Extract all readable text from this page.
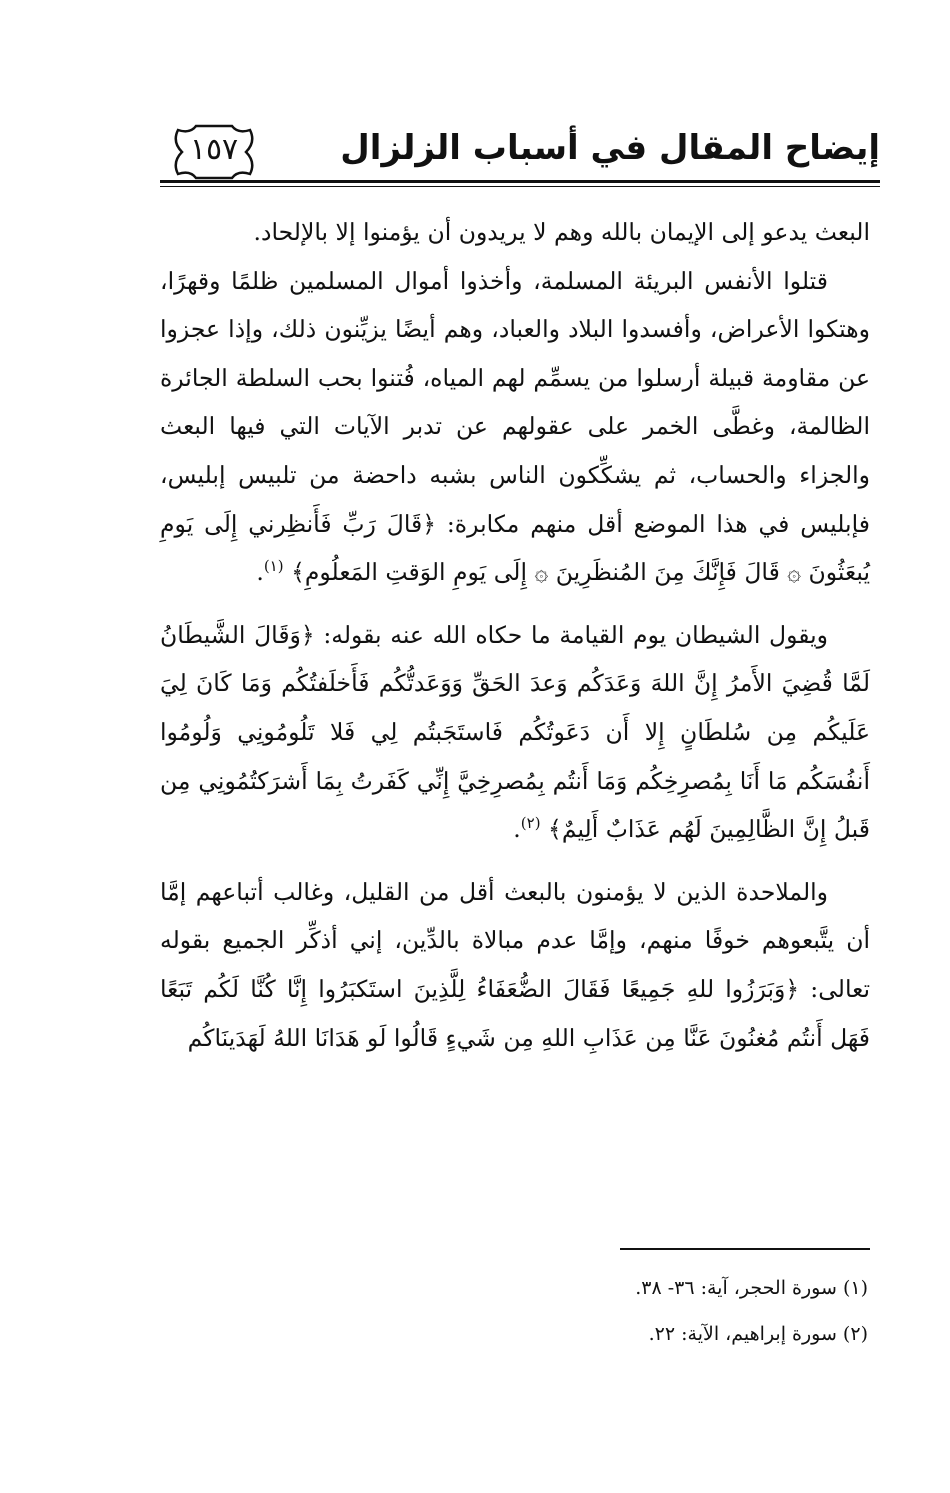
إيضاح المقال في أسباب الزلزال
١٥٧

البعث يدعو إلى الإيمان بالله وهم لا يريدون أن يؤمنوا إلا بالإلحاد.

قتلوا الأنفس البريئة المسلمة، وأخذوا أموال المسلمين ظلمًا وقهرًا، وهتكوا الأعراض، وأفسدوا البلاد والعباد، وهم أيضًا يزيِّنون ذلك، وإذا عجزوا عن مقاومة قبيلة أرسلوا من يسمِّم لهم المياه، فُتنوا بحب السلطة الجائرة الظالمة، وغطَّى الخمر على عقولهم عن تدبر الآيات التي فيها البعث والجزاء والحساب، ثم يشكِّكون الناس بشبه داحضة من تلبيس إبليس، فإبليس في هذا الموضع أقل منهم مكابرة: ﴿قَالَ رَبِّ فَأَنظِرني إِلَى يَومِ يُبعَثُونَ ۞ قَالَ فَإِنَّكَ مِنَ المُنظَرِينَ ۞ إِلَى يَومِ الوَقتِ المَعلُومِ﴾ $^{(١)}$.

ويقول الشيطان يوم القيامة ما حكاه الله عنه بقوله: ﴿وَقَالَ الشَّيطَانُ لَمَّا قُضِيَ الأَمرُ إِنَّ اللهَ وَعَدَكُم وَعدَ الحَقِّ وَوَعَدتُّكُم فَأَخلَفتُكُم وَمَا كَانَ لِيَ عَلَيكُم مِن سُلطَانٍ إِلا أَن دَعَوتُكُم فَاستَجَبتُم لِي فَلا تَلُومُونِي وَلُومُوا أَنفُسَكُم مَا أَنَا بِمُصرِخِكُم وَمَا أَنتُم بِمُصرِخِيَّ إِنِّي كَفَرتُ بِمَا أَشرَكتُمُونِي مِن قَبلُ إِنَّ الظَّالِمِينَ لَهُم عَذَابٌ أَلِيمٌ﴾ $^{(٢)}$.

والملاحدة الذين لا يؤمنون بالبعث أقل من القليل، وغالب أتباعهم إمَّا أن يتَّبعوهم خوفًا منهم، وإمَّا عدم مبالاة بالدِّين، إني أذكِّر الجميع بقوله تعالى: ﴿وَبَرَزُوا للهِ جَمِيعًا فَقَالَ الضُّعَفَاءُ لِلَّذِينَ استَكبَرُوا إِنَّا كُنَّا لَكُم تَبَعًا فَهَل أَنتُم مُغنُونَ عَنَّا مِن عَذَابِ اللهِ مِن شَيءٍ قَالُوا لَو هَدَانَا اللهُ لَهَدَينَاكُم

(١) سورة الحجر، آية: ٣٦- ٣٨.
(٢) سورة إبراهيم، الآية: ٢٢.
